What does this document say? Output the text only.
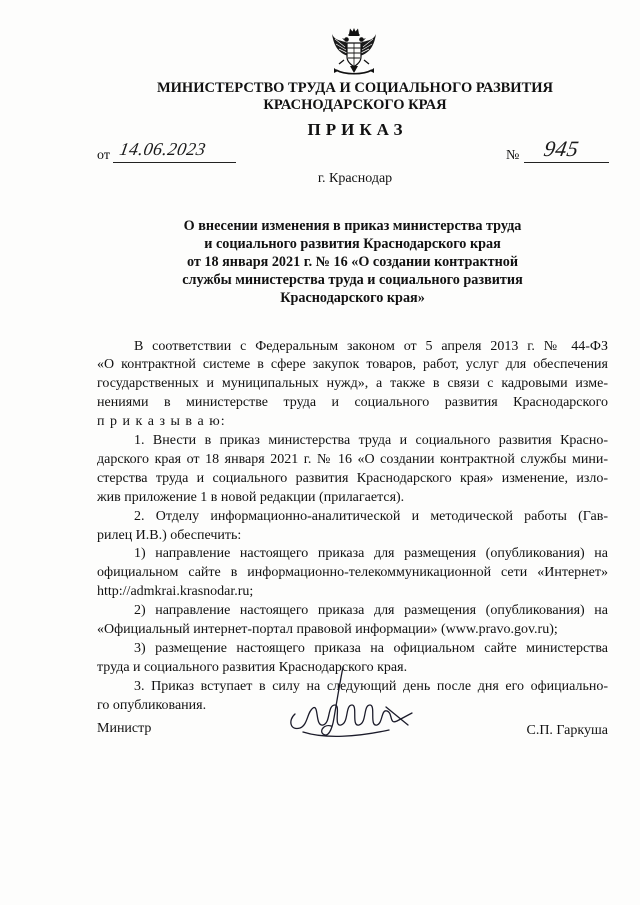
МИНИСТЕРСТВО ТРУДА И СОЦИАЛЬНОГО РАЗВИТИЯ
КРАСНОДАРСКОГО КРАЯ
ПРИКАЗ
от 14.06.2023	№ 945
г. Краснодар
О внесении изменения в приказ министерства труда
и социального развития Краснодарского края
от 18 января 2021 г. № 16 «О создании контрактной
службы министерства труда и социального развития
Краснодарского края»
В соответствии с Федеральным законом от 5 апреля 2013 г. № 44-ФЗ
«О контрактной системе в сфере закупок товаров, работ, услуг для обеспечения
государственных и муниципальных нужд», а также в связи с кадровыми изме-
нениями в министерстве труда и социального развития Краснодарского
п р и к а з ы в а ю:
1. Внести в приказ министерства труда и социального развития Красно-
дарского края от 18 января 2021 г. № 16 «О создании контрактной службы мини-
стерства труда и социального развития Краснодарского края» изменение, изло-
жив приложение 1 в новой редакции (прилагается).
2. Отделу информационно-аналитической и методической работы (Гав-
рилец И.В.) обеспечить:
1) направление настоящего приказа для размещения (опубликования) на
официальном сайте в информационно-телекоммуникационной сети «Интернет»
http://admkrai.krasnodar.ru;
2) направление настоящего приказа для размещения (опубликования) на
«Официальный интернет-портал правовой информации» (www.pravo.gov.ru);
3) размещение настоящего приказа на официальном сайте министерства
труда и социального развития Краснодарского края.
3. Приказ вступает в силу на следующий день после дня его официально-
го опубликования.
Министр	С.П. Гаркуша
